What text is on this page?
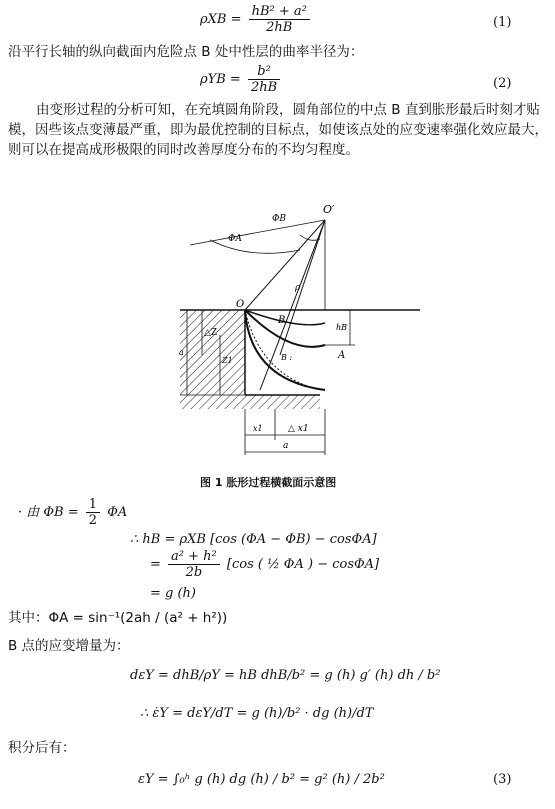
$\rho XB = \frac{\text{hB² + a²}}{2hB}$	(1)
沿平行长轴的纵向截面内危险点 B 处中性层的曲率半径为：
$\rho YB = \frac{\text{b²}}{2hB}$	(2)
由变形过程的分析可知，在充填圆角阶段，圆角部位的中点 B 直到胀形最后时刻才贴模，因些该点变薄最严重，即为最优控制的目标点，如使该点处的应变速率强化效应最大，则可以在提高成形极限的同时改善厚度分布的不均匀程度。
O′
ΦB
ΦA
O
ρ
B
hB
A
△Z
Z1
a
B :
x1	△ x1
a
图 1 胀形过程横截面示意图
· 由 $\Phi B = \frac{1}{2}$ ΦA
∴ hB = ρXB [cos (ΦA − ΦB) − cosΦA]
= $\frac{\text{a² + h²}}{2b} [\cos$ ( ½ ΦA ) − cosΦA]
= g (h)
其中：ΦA = sin⁻¹(2ah / (a² + h²))
B 点的应变增量为：
dεY = dhB/ρY = hB dhB/b² = g (h) g′ (h) dh / b²
∴ ε̇Y = dεY/dT = g (h)/b² · dg (h)/dT
积分后有：
εY = ∫₀ʰ g (h) dg (h) / b² = g² (h) / 2b²	(3)
